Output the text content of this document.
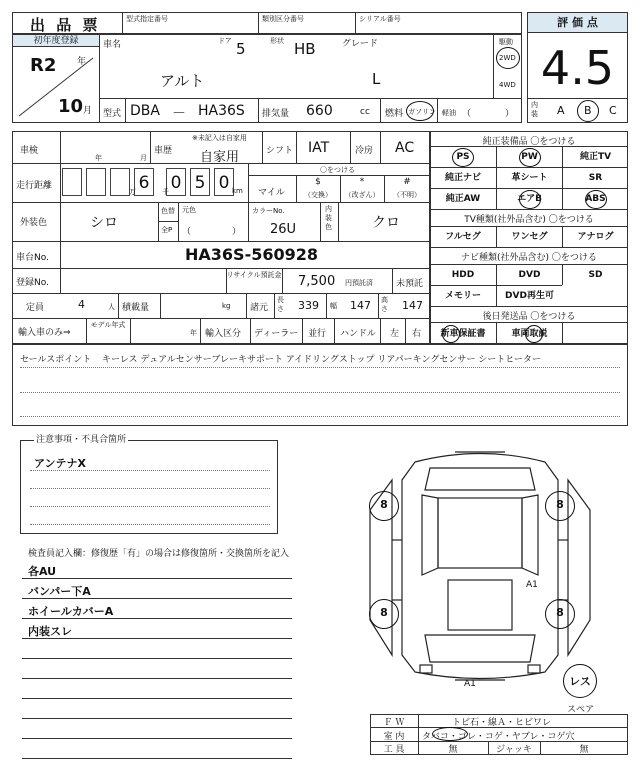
出 品 票	型式指定番号	類別区分番号	シリアル番号	評 価 点
4.5
内装	A B C
初年度登録
R2 年
10 月
車名
アルト
ドア 5	形状 HB	グレード
L
駆動
2WD
4WD
型式 DBA － HA36S 排気量 660	cc 燃料 ガソリン 軽油 （	）
車検
年	月
車歴
※未記入は自家用
自家用	シフト IAT	冷房 AC
走行距離	6 0 5 0
万	千	km
〇をつける
マイル
$
（交換）
*
（改ざん）
#
（不明）
外装色	シロ
色替
全P
元色
（	）
カラーNo.
26U
内装色	クロ
車台No.	HA36S-560928
登録No.
リサイクル預託金 7,500 円預託済	未預託
定員	4	人 積載量	kg 諸元
長さ 339 幅 147 高さ 147
輸入車のみ⇒
モデル年式
年 輸入区分 ディーラー 並行 ハンドル 左 右
純正装備品 〇をつける
PS	PW	純正TV
純正ナビ	革シート	SR
純正AW	エアB	ABS
TV種類(社外品含む) 〇をつける
フルセグ	ワンセグ	アナログ
ナビ種類(社外品含む) 〇をつける
HDD	DVD	SD
メモリー	DVD再生可
後日発送品 〇をつける
新車保証書	車両取説
セールスポイント キーレス デュアルセンサーブレーキサポート アイドリングストップ リアパーキングセンサー シートヒーター
注意事項・不具合箇所
アンテナX
検査員記入欄：修復歴「有」の場合は修復箇所・交換箇所を記入
各AU
バンパー下A
ホイールカバーA
内装スレ
8	8
8	8
A1
A1	レス
スペア
Ｆ Ｗ	トビ石・線Ａ・ヒビワレ
室 内	タバコ・ゴレ・コゲ・ヤブレ・コゲ穴
工 具	無	ジャッキ	無
